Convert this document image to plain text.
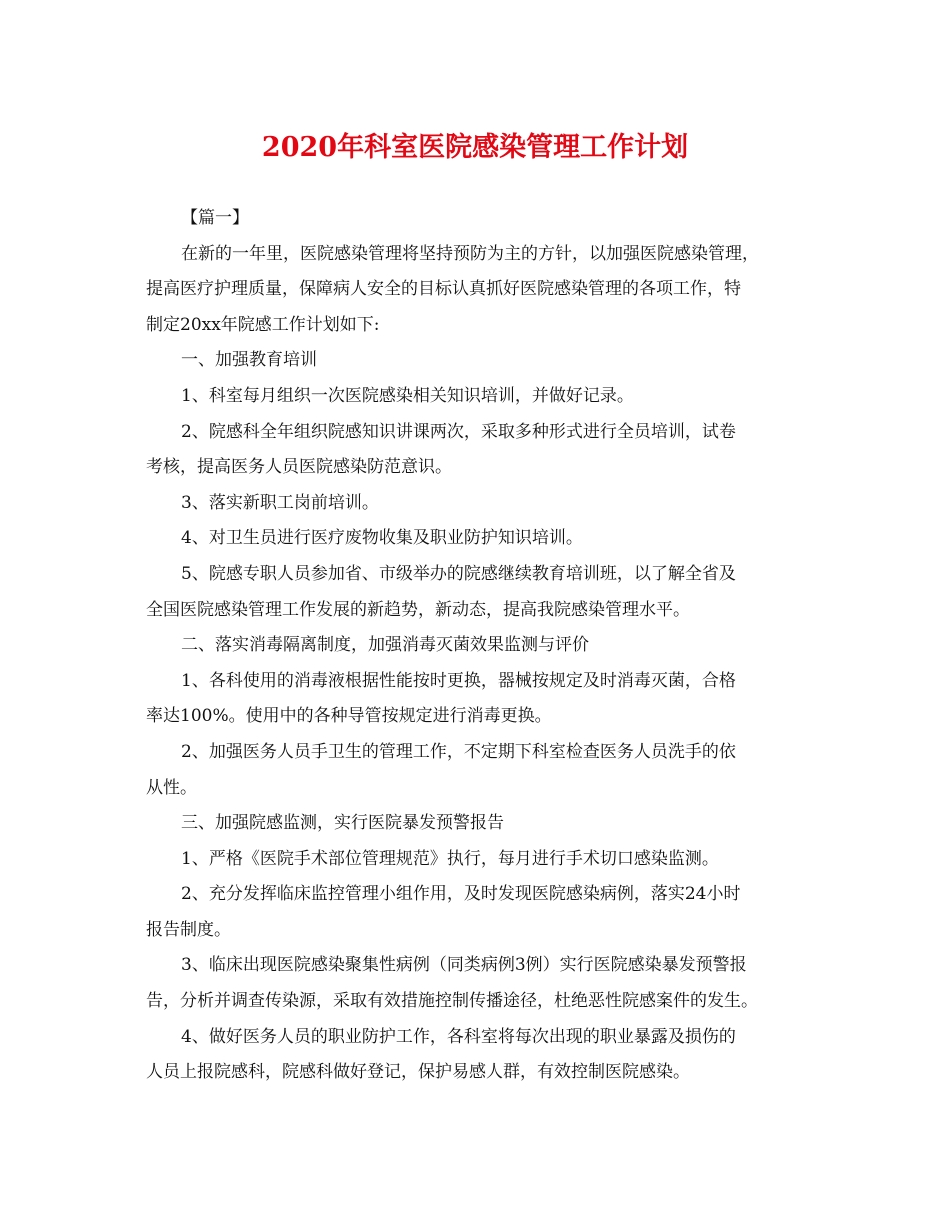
2020年科室医院感染管理工作计划

【篇一】

在新的一年里，医院感染管理将坚持预防为主的方针，以加强医院感染管理，

提高医疗护理质量，保障病人安全的目标认真抓好医院感染管理的各项工作，特

制定20xx年院感工作计划如下:

一、加强教育培训

1、科室每月组织一次医院感染相关知识培训，并做好记录。

2、院感科全年组织院感知识讲课两次，采取多种形式进行全员培训，试卷

考核，提高医务人员医院感染防范意识。

3、落实新职工岗前培训。

4、对卫生员进行医疗废物收集及职业防护知识培训。

5、院感专职人员参加省、市级举办的院感继续教育培训班，以了解全省及

全国医院感染管理工作发展的新趋势，新动态，提高我院感染管理水平。

二、落实消毒隔离制度，加强消毒灭菌效果监测与评价

1、各科使用的消毒液根据性能按时更换，器械按规定及时消毒灭菌，合格

率达100%。使用中的各种导管按规定进行消毒更换。

2、加强医务人员手卫生的管理工作，不定期下科室检查医务人员洗手的依

从性。

三、加强院感监测，实行医院暴发预警报告

1、严格《医院手术部位管理规范》执行，每月进行手术切口感染监测。

2、充分发挥临床监控管理小组作用，及时发现医院感染病例，落实24小时

报告制度。

3、临床出现医院感染聚集性病例（同类病例3例）实行医院感染暴发预警报

告，分析并调查传染源，采取有效措施控制传播途径，杜绝恶性院感案件的发生。

4、做好医务人员的职业防护工作，各科室将每次出现的职业暴露及损伤的

人员上报院感科，院感科做好登记，保护易感人群，有效控制医院感染。
